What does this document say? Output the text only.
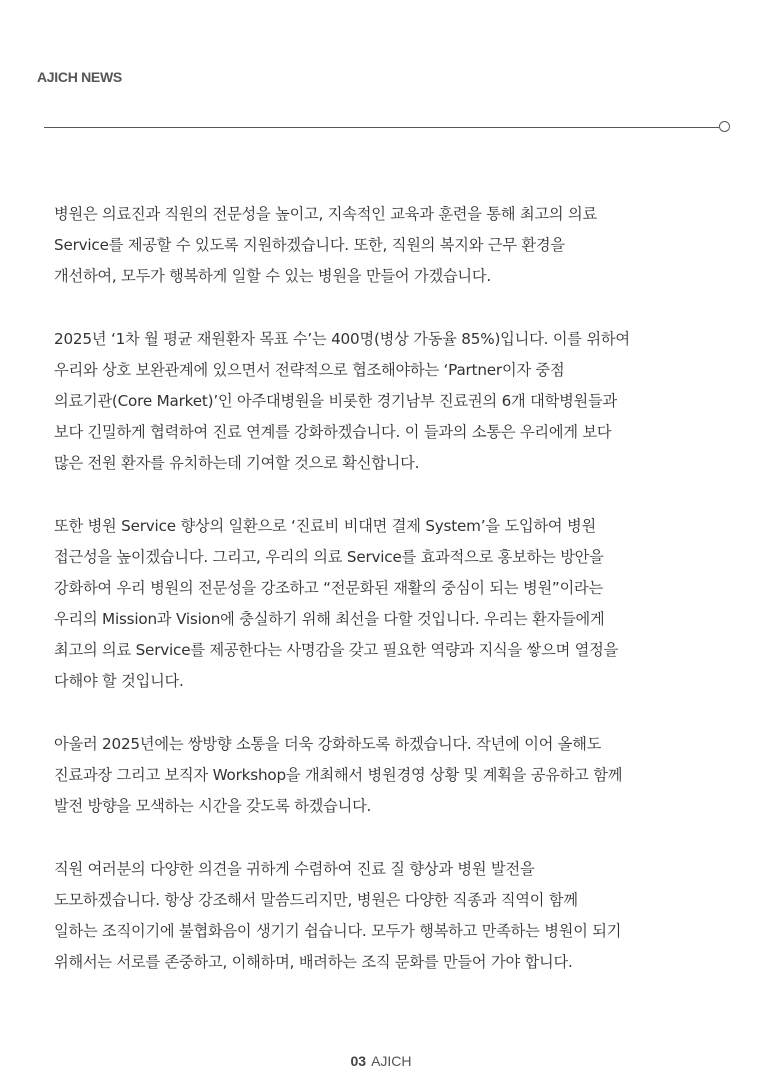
AJICH NEWS
병원은 의료진과 직원의 전문성을 높이고, 지속적인 교육과 훈련을 통해 최고의 의료
Service를 제공할 수 있도록 지원하겠습니다. 또한, 직원의 복지와 근무 환경을
개선하여, 모두가 행복하게 일할 수 있는 병원을 만들어 가겠습니다.
2025년 ‘1차 월 평균 재원환자 목표 수’는 400명(병상 가동율 85%)입니다. 이를 위하여
우리와 상호 보완관계에 있으면서 전략적으로 협조해야하는 ‘Partner이자 중점
의료기관(Core Market)’인 아주대병원을 비롯한 경기남부 진료권의 6개 대학병원들과
보다 긴밀하게 협력하여 진료 연계를 강화하겠습니다. 이 들과의 소통은 우리에게 보다
많은 전원 환자를 유치하는데 기여할 것으로 확신합니다.
또한 병원 Service 향상의 일환으로 ‘진료비 비대면 결제 System’을 도입하여 병원
접근성을 높이겠습니다. 그리고, 우리의 의료 Service를 효과적으로 홍보하는 방안을
강화하여 우리 병원의 전문성을 강조하고 “전문화된 재활의 중심이 되는 병원”이라는
우리의 Mission과 Vision에 충실하기 위해 최선을 다할 것입니다. 우리는 환자들에게
최고의 의료 Service를 제공한다는 사명감을 갖고 필요한 역량과 지식을 쌓으며 열정을
다해야 할 것입니다.
아울러 2025년에는 쌍방향 소통을 더욱 강화하도록 하겠습니다. 작년에 이어 올해도
진료과장 그리고 보직자 Workshop을 개최해서 병원경영 상황 및 계획을 공유하고 함께
발전 방향을 모색하는 시간을 갖도록 하겠습니다.
직원 여러분의 다양한 의견을 귀하게 수렴하여 진료 질 향상과 병원 발전을
도모하겠습니다. 항상 강조해서 말씀드리지만, 병원은 다양한 직종과 직역이 함께
일하는 조직이기에 불협화음이 생기기 쉽습니다. 모두가 행복하고 만족하는 병원이 되기
위해서는 서로를 존중하고, 이해하며, 배려하는 조직 문화를 만들어 가야 합니다.
03 AJICH
